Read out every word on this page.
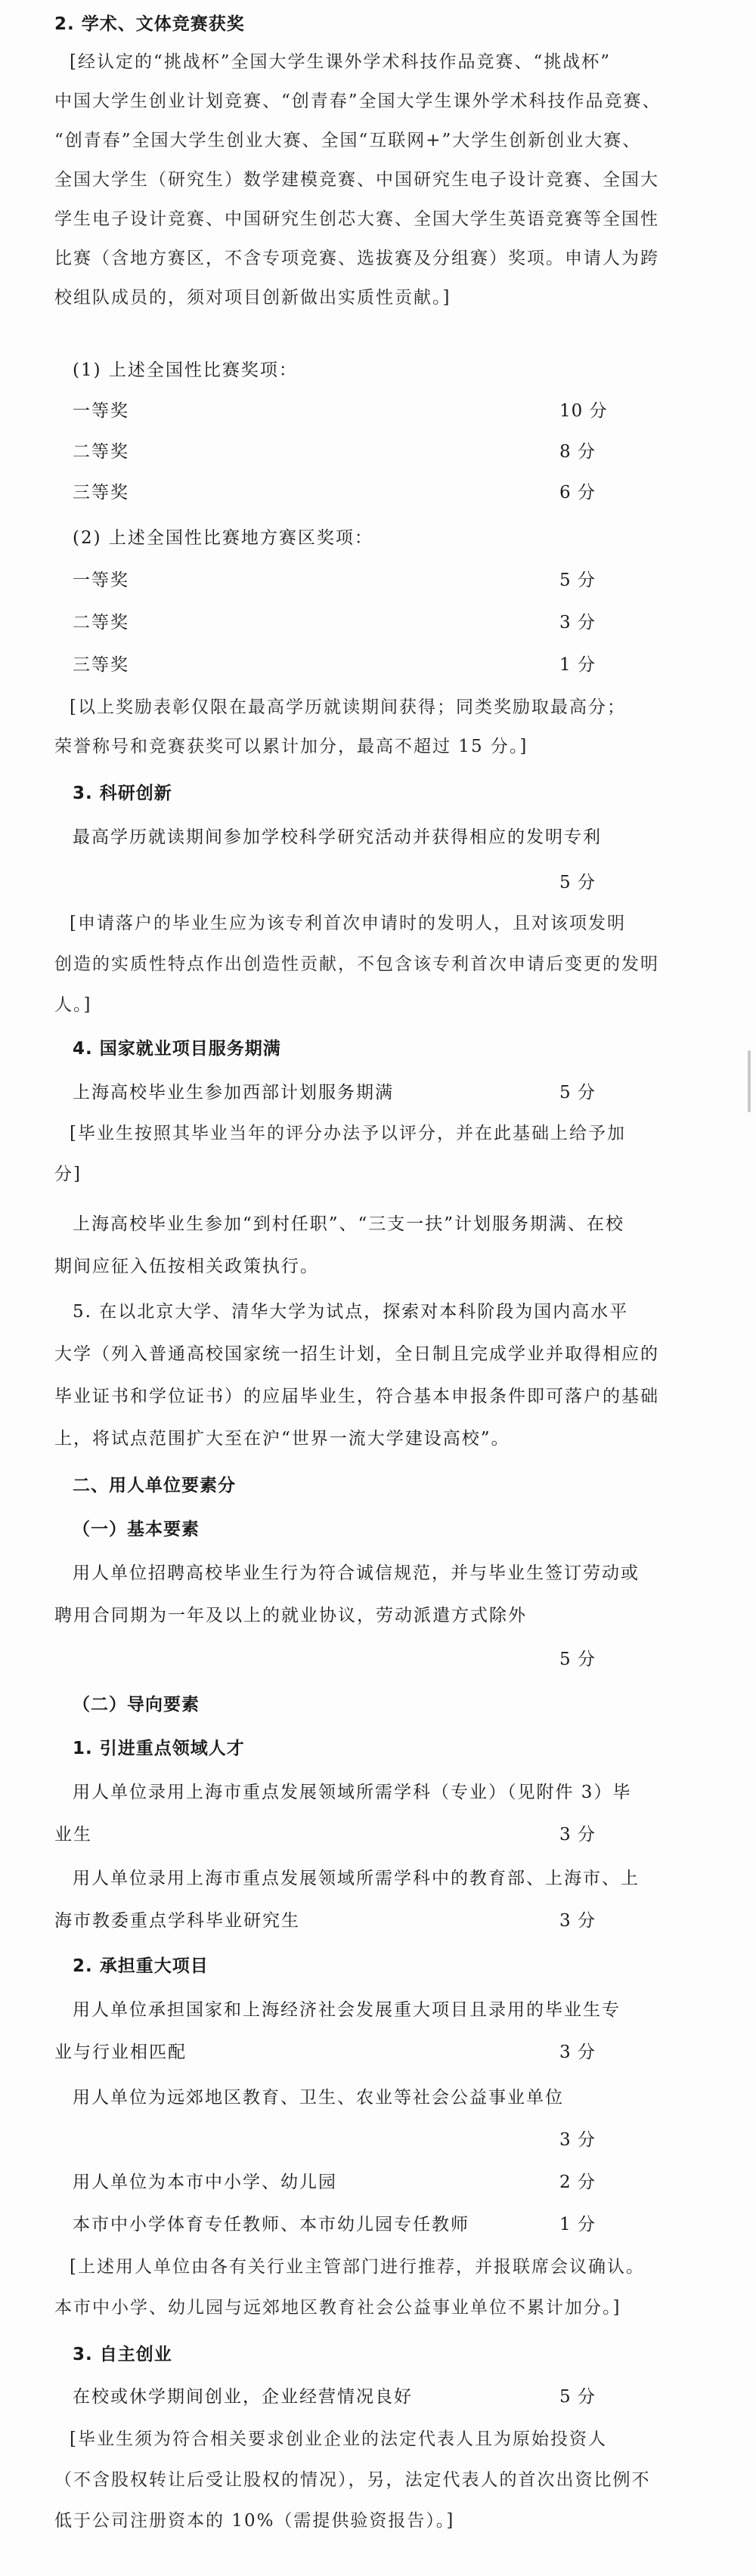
2. 学术、文体竞赛获奖
[经认定的“挑战杯”全国大学生课外学术科技作品竞赛、“挑战杯”
中国大学生创业计划竞赛、“创青春”全国大学生课外学术科技作品竞赛、
“创青春”全国大学生创业大赛、全国“互联网+”大学生创新创业大赛、
全国大学生（研究生）数学建模竞赛、中国研究生电子设计竞赛、全国大
学生电子设计竞赛、中国研究生创芯大赛、全国大学生英语竞赛等全国性
比赛（含地方赛区，不含专项竞赛、选拔赛及分组赛）奖项。申请人为跨
校组队成员的，须对项目创新做出实质性贡献。]
(1) 上述全国性比赛奖项：
一等奖	10 分
二等奖	8 分
三等奖	6 分
(2) 上述全国性比赛地方赛区奖项：
一等奖	5 分
二等奖	3 分
三等奖	1 分
[以上奖励表彰仅限在最高学历就读期间获得；同类奖励取最高分；
荣誉称号和竞赛获奖可以累计加分，最高不超过 15 分。]
3. 科研创新
最高学历就读期间参加学校科学研究活动并获得相应的发明专利
5 分
[申请落户的毕业生应为该专利首次申请时的发明人，且对该项发明
创造的实质性特点作出创造性贡献，不包含该专利首次申请后变更的发明
人。]
4. 国家就业项目服务期满
上海高校毕业生参加西部计划服务期满	5 分
[毕业生按照其毕业当年的评分办法予以评分，并在此基础上给予加
分]
上海高校毕业生参加“到村任职”、“三支一扶”计划服务期满、在校
期间应征入伍按相关政策执行。
5. 在以北京大学、清华大学为试点，探索对本科阶段为国内高水平
大学（列入普通高校国家统一招生计划，全日制且完成学业并取得相应的
毕业证书和学位证书）的应届毕业生，符合基本申报条件即可落户的基础
上，将试点范围扩大至在沪“世界一流大学建设高校”。
二、用人单位要素分
（一）基本要素
用人单位招聘高校毕业生行为符合诚信规范，并与毕业生签订劳动或
聘用合同期为一年及以上的就业协议，劳动派遣方式除外
5 分
（二）导向要素
1. 引进重点领域人才
用人单位录用上海市重点发展领域所需学科（专业）（见附件 3）毕
业生	3 分
用人单位录用上海市重点发展领域所需学科中的教育部、上海市、上
海市教委重点学科毕业研究生	3 分
2. 承担重大项目
用人单位承担国家和上海经济社会发展重大项目且录用的毕业生专
业与行业相匹配	3 分
用人单位为远郊地区教育、卫生、农业等社会公益事业单位
3 分
用人单位为本市中小学、幼儿园	2 分
本市中小学体育专任教师、本市幼儿园专任教师	1 分
[上述用人单位由各有关行业主管部门进行推荐，并报联席会议确认。
本市中小学、幼儿园与远郊地区教育社会公益事业单位不累计加分。]
3. 自主创业
在校或休学期间创业，企业经营情况良好	5 分
[毕业生须为符合相关要求创业企业的法定代表人且为原始投资人
（不含股权转让后受让股权的情况），另，法定代表人的首次出资比例不
低于公司注册资本的 10%（需提供验资报告）。]
